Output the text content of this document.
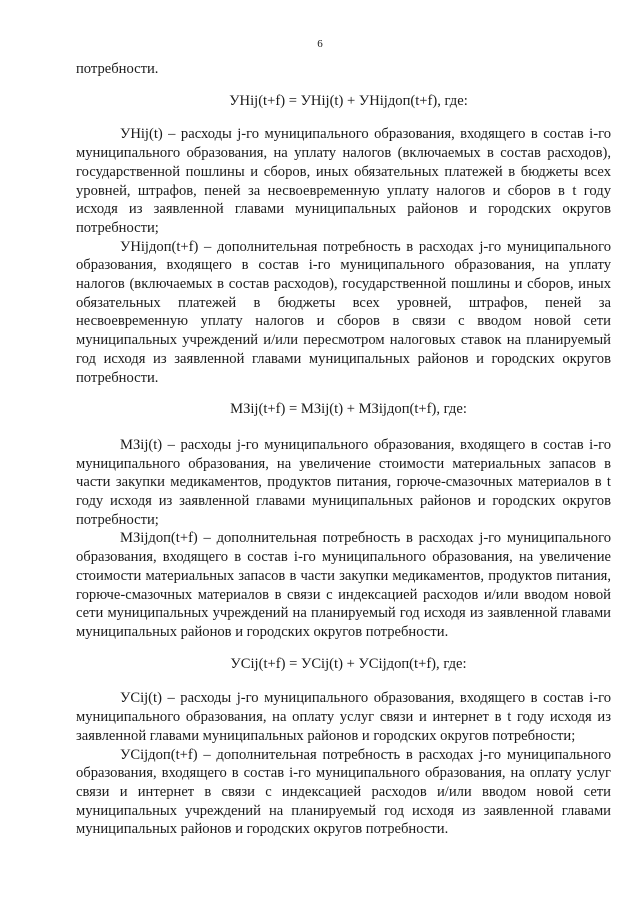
6

потребности.

УНij(t+f) = УНij(t) + УНijдоп(t+f), где:

УНij(t) – расходы j-го муниципального образования, входящего в состав i-го муниципального образования, на уплату налогов (включаемых в состав расходов), государственной пошлины и сборов, иных обязательных платежей в бюджеты всех уровней, штрафов, пеней за несвоевременную уплату налогов и сборов в t году исходя из заявленной главами муниципальных районов и городских округов потребности;

УНijдоп(t+f) – дополнительная потребность в расходах j-го муниципального образования, входящего в состав i-го муниципального образования, на уплату налогов (включаемых в состав расходов), государственной пошлины и сборов, иных обязательных платежей в бюджеты всех уровней, штрафов, пеней за несвоевременную уплату налогов и сборов в связи с вводом новой сети муниципальных учреждений и/или пересмотром налоговых ставок на планируемый год исходя из заявленной главами муниципальных районов и городских округов потребности.

МЗij(t+f) = МЗij(t) + МЗijдоп(t+f), где:

МЗij(t) – расходы j-го муниципального образования, входящего в состав i-го муниципального образования, на увеличение стоимости материальных запасов в части закупки медикаментов, продуктов питания, горюче-смазочных материалов в t году исходя из заявленной главами муниципальных районов и городских округов потребности;

МЗijдоп(t+f) – дополнительная потребность в расходах j-го муниципального образования, входящего в состав i-го муниципального образования, на увеличение стоимости материальных запасов в части закупки медикаментов, продуктов питания, горюче-смазочных материалов в связи с индексацией расходов и/или вводом новой сети муниципальных учреждений на планируемый год исходя из заявленной главами муниципальных районов и городских округов потребности.

УСij(t+f) = УСij(t) + УСijдоп(t+f), где:

УСij(t) – расходы j-го муниципального образования, входящего в состав i-го муниципального образования, на оплату услуг связи и интернет в t году исходя из заявленной главами муниципальных районов и городских округов потребности;

УСijдоп(t+f) – дополнительная потребность в расходах j-го муниципального образования, входящего в состав i-го муниципального образования, на оплату услуг связи и интернет в связи с индексацией расходов и/или вводом новой сети муниципальных учреждений на планируемый год исходя из заявленной главами муниципальных районов и городских округов потребности.
